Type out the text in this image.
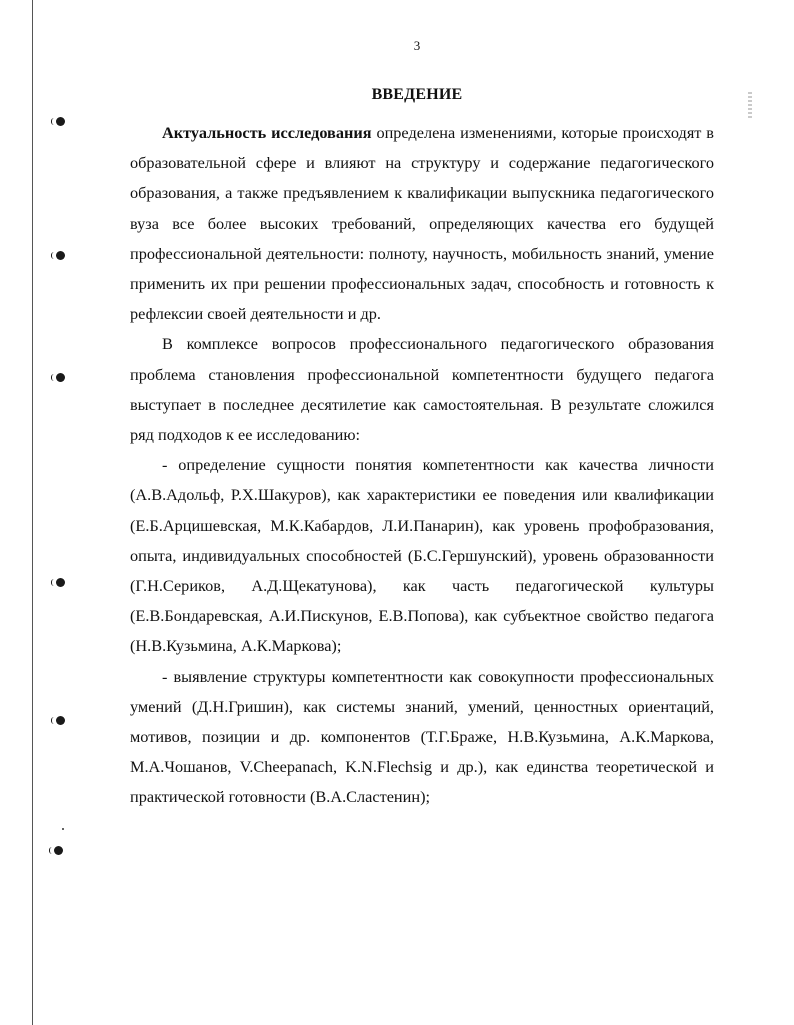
3
ВВЕДЕНИЕ

Актуальность исследования определена изменениями, которые происходят в образовательной сфере и влияют на структуру и содержание педагогического образования, а также предъявлением к квалификации выпускника педагогического вуза все более высоких требований, определяющих качества его будущей профессиональной деятельности: полноту, научность, мобильность знаний, умение применить их при решении профессиональных задач, способность и готовность к рефлексии своей деятельности и др.

В комплексе вопросов профессионального педагогического образования проблема становления профессиональной компетентности будущего педагога выступает в последнее десятилетие как самостоятельная. В результате сложился ряд подходов к ее исследованию:

- определение сущности понятия компетентности как качества личности (А.В.Адольф, Р.Х.Шакуров), как характеристики ее поведения или квалификации (Е.Б.Арцишевская, М.К.Кабардов, Л.И.Панарин), как уровень профобразования, опыта, индивидуальных способностей (Б.С.Гершунский), уровень образованности (Г.Н.Сериков, А.Д.Щекатунова), как часть педагогической культуры (Е.В.Бондаревская, А.И.Пискунов, Е.В.Попова), как субъектное свойство педагога (Н.В.Кузьмина, А.К.Маркова);

- выявление структуры компетентности как совокупности профессиональных умений (Д.Н.Гришин), как системы знаний, умений, ценностных ориентаций, мотивов, позиции и др. компонентов (Т.Г.Браже, Н.В.Кузьмина, А.К.Маркова, М.А.Чошанов, V.Cheepanach, K.N.Flechsig и др.), как единства теоретической и практической готовности (В.А.Сластенин);
